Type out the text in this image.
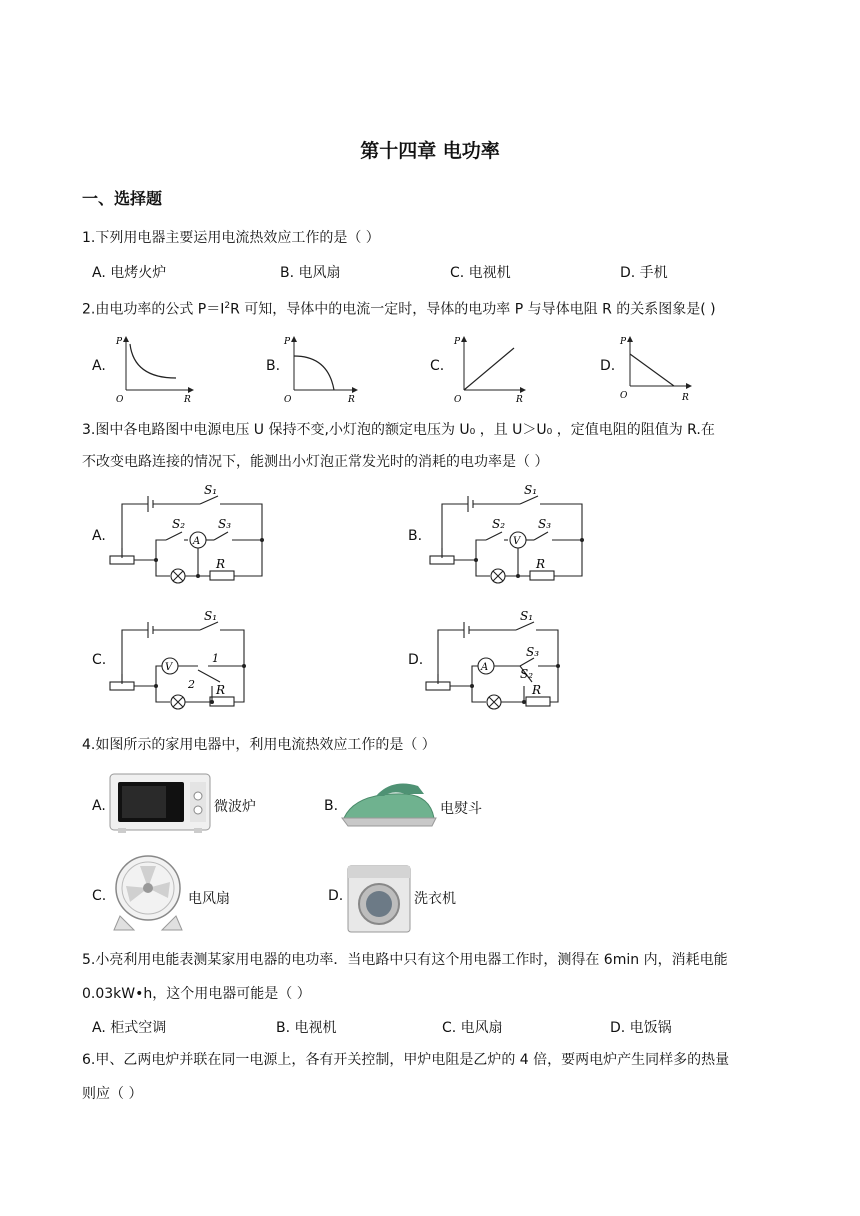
第十四章 电功率
一、选择题
1.下列用电器主要运用电流热效应工作的是（ ）
A. 电烤火炉	B. 电风扇	C. 电视机	D. 手机
2.由电功率的公式 $P=I^2R$ 可知，导体中的电流一定时，导体的电功率 P 与导体电阻 R 的关系图象是( )
A.
P
O	R
B.
P
O	R
C.
P
O	R
D.
P
O	R
3.图中各电路图中电源电压 U 保持不变,小灯泡的额定电压为 U₀ ，且 U＞U₀ ，定值电阻的阻值为 R.在
不改变电路连接的情况下，能测出小灯泡正常发光时的消耗的电功率是（ ）
A.
S₁
S₂	S₃
A
R
B.
S₁
S₂	S₃
V
R
C.
S₁
V
1
2 R
D.
S₁
A
S₃
S₂
R
4.如图所示的家用电器中，利用电流热效应工作的是（ ）
A.	微波炉	B.	电熨斗
C.	电风扇	D.	洗衣机
5.小亮利用电能表测某家用电器的电功率．当电路中只有这个用电器工作时，测得在 6min 内，消耗电能
0.03kW•h，这个用电器可能是（ ）
A. 柜式空调	B. 电视机	C. 电风扇	D. 电饭锅
6.甲、乙两电炉并联在同一电源上，各有开关控制，甲炉电阻是乙炉的 4 倍，要两电炉产生同样多的热量
则应（ ）
